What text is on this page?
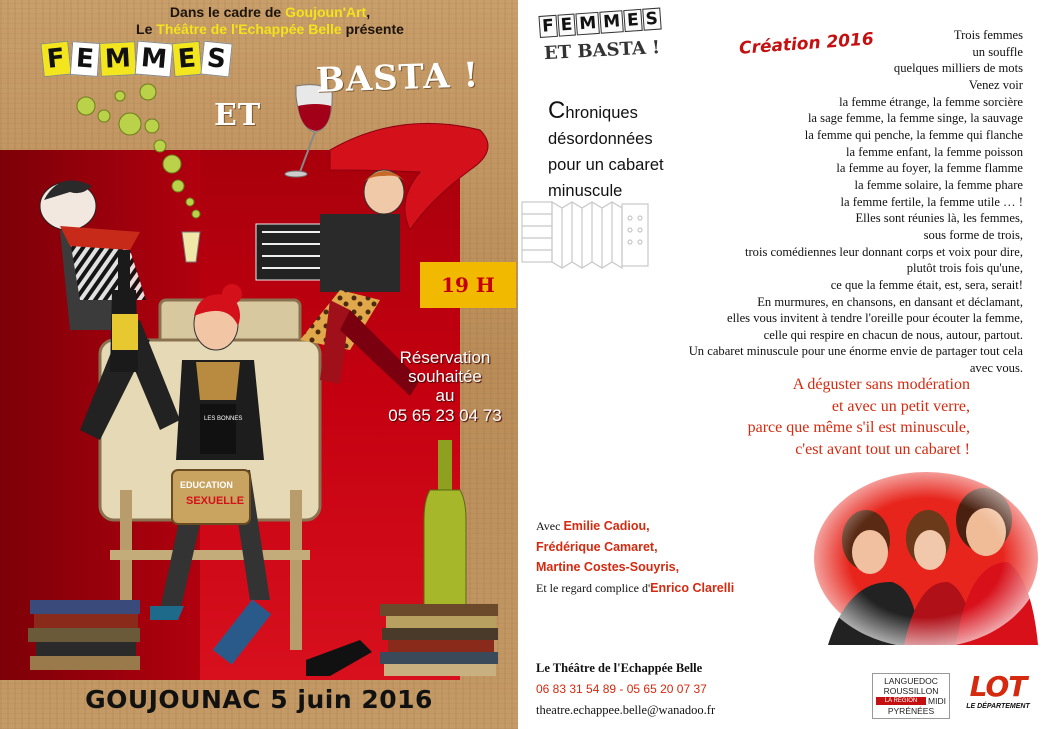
Dans le cadre de Goujoun'Art,
Le Théâtre de l'Echappée Belle présente
LES BONNES
EDUCATION
SEXUELLE
F E M M E S
ET
BASTA !
19 H
Réservation
souhaitée
au
05 65 23 04 73
GOUJOUNAC 5 juin 2016
F E M M E S
ET BASTA !	Création 2016
Chroniques
désordonnées
pour un cabaret
minuscule
Trois femmes
un souffle
quelques milliers de mots
Venez voir
la femme étrange, la femme sorcière
la sage femme, la femme singe, la sauvage
la femme qui penche, la femme qui flanche
la femme enfant, la femme poisson
la femme au foyer, la femme flamme
la femme solaire, la femme phare
la femme fertile, la femme utile … !
Elles sont réunies là, les femmes,
sous forme de trois,
trois comédiennes leur donnant corps et voix pour dire,
plutôt trois fois qu'une,
ce que la femme était, est, sera, serait!
En murmures, en chansons, en dansant et déclamant,
elles vous invitent à tendre l'oreille pour écouter la femme,
celle qui respire en chacun de nous, autour, partout.
Un cabaret minuscule pour une énorme envie de partager tout cela
avec vous.
A déguster sans modération
et avec un petit verre,
parce que même s'il est minuscule,
c'est avant tout un cabaret !
Avec Emilie Cadiou,
Frédérique Camaret,
Martine Costes-Souyris,
Et le regard complice d'Enrico Clarelli
Le Théâtre de l'Echappée Belle
06 83 31 54 89 - 05 65 20 07 37
theatre.echappee.belle@wanadoo.fr
LANGUEDOC
ROUSSILLON
LA RÉGION	MIDI
PYRÉNÉES
LOT
LE DÉPARTEMENT
